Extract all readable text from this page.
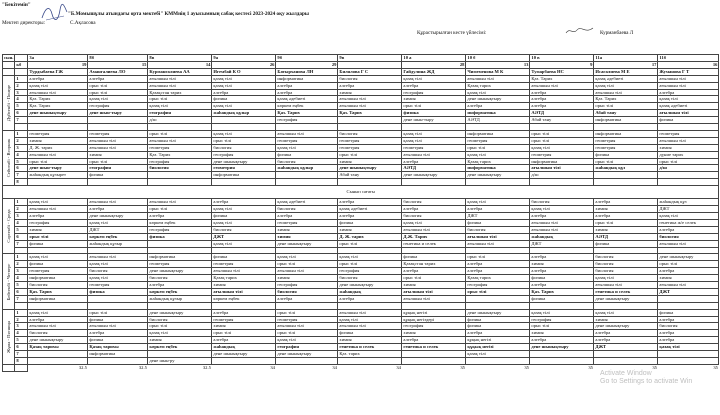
"Бекітемін"
"Б.Момышұлы атындағы орта мектебі" КММнің 1 ауысымның сабақ кестесі 2023-2024 оқу жылдары
Мектеп директоры:	С.Ақласова
Құрастырылған кесте үйлесімі:	Курманбаева Л
сын.		3а	8б	8в	9а	9б	9в	10 а	10 б	10 в	11а	11б
	кб	19	15	14	26	29		28	13	9	17	16
		Турдыбаева ГЖ	Амангалиева ЛО	Курмангалиева АА	Игембай К О	Батырханова ЛН	Билялова Г С	Гайдулина ЖД	Чимеменова М К	Тумарбаева НС	Исагалиева М Е	Жуманова Г Т

Дүйсенбі - Понеде	1	алгебра	алгебра	ағылшын тілі	қазақ тілі	информатика	биология	қазақ тілі	ағылшын тілі	Қаз. Тарих	қазақ әдебиеті	ағылшын тілі
	2	қазақ тілі	орыс тілі	ағылшын тілі	қазақ тілі	алгебра	алгебра	алгебра	Қазақ тарих	ағылшын тілі	қазақ тілі	ағылшын тілі
	3	ағылшын тілі	орыс тілі	Қазақстан тарих	алгебра	алгебра	химия	география	қазақ тілі	алгебра	ағылшын тілі	алгебра
	4	Қаз. Тарих	қазақ тілі	орыс тілі	физика	қазақ әдебиеті	ағылшын тілі	химия	дене шынықтыру	алгебра	Қаз. Тарих	қазақ тілі
	5	Қаз. Тарих	география	қазақ тілі	қазақ тілі	көркем еңбек	ағылшын тілі	орыс тілі	алгебра	алгебра	орыс тілі	қазақ әдебиеті
	6	дене шынықтыру	дене шын-тыру	география	жаһандық құзыр	Қаз. Тарих	Қаз. Тарих	физика	информатика	АӘТД	Абай тану	ағылшын тілі
	7			д/ш		география		дене шын-тыру	АӘТД	Абай тану	информатика	физика

Сейсенбі - Вторник	1	геометрия	геометрия	орыс тілі	қазақ тілі	ағылшын тілі	биология	қазақ тілі	информатика	орыс тілі	информатика	геометрия
	2	химия	ағылшын тілі	ағылшын тілі	орыс тілі	геометрия	геометрия	қазақ тілі	геометрия	орыс тілі	геометрия	ағылшын тілі
	3	Д. Ж. тарих	ағылшын тілі	геометрия	биология	қазақ тілі	геометрия	геометрия	орыс тілі	қазақ тілі	геометрия	химия
	4	ағылшын тілі	химия	Қаз. Тарих	география	физика	орыс тілі	ағылшын тілі	қазақ тілі	геометрия	физика	дүние тарих
	5	орыс тілі	орыс тілі	география	дене шынықтыру	биология	химия	алгебра	Қазақ тарих	информатика	орыс тілі	орыс тілі
	6	дене шын-тыру	география	биология	геометрия	жаһандық құзыр	дене шынықтыру	АӘТД	информатика	ағылшын тілі	жаһандық құз	д/ш
	7	жаһандық құзырет	физика		информатика		Абай тану	дене шынықтыру	дене шынықтыру	д/ш		
	8											
Сынып сағаты												

Сәрсенбі - Среда	1	қазақ тілі	ағылшын тілі	ағылшын тілі	алгебра	қазақ әдебиеті	алгебра	биология	қазақ тілі	биология	алгебра	жаһандық құз
	2	ағылшын тілі	алгебра	орыс тілі	қазақ тілі	биология	қазақ әдебиеті	алгебра	алгебра	қазақ тілі	химия	ДЖТ
	3	алгебра	дене шынықтыру	алгебра	физика	алгебра	алгебра	биология	ДЖТ	алгебра	алгебра	қазақ тілі
	4	география	қазақ тілі	көркем еңбек	қазақ тілі	геометрия	физика	қазақ тілі	физика	ағылшын тілі	орыс тілі	генетика ж/е селек
	5	химия	ДЖТ	география	биология	химия	химия	ағылшын тілі	биология	ағылшын тілі	химия	алгебра
	6	орыс тілі	көркем еңбек	физика	ДЖТ	химия	Д. Ж. тарих	Д.Ж. Тарих	ағылшын тілі	жаһандық	АӘТД	биология
	7	физика	жаһандық құзыр		қазақ тілі	дене шынықтыру	орыс тілі	генетика и селек	ағылшын тілі	ДЖТ	физика	ағылшын тілі

Бейсенбі - Четверг	1	қазақ тілі	ағылшын тілі	информатика	физика	қазақ тілі	қазақ тілі	физика	орыс тілі	алгебра	биология	дене шынықтыру
	2	физика	қазақ тілі	геометрия	геометрия	орыс тілі	орыс тілі	Қазақстан тарих	алгебра	химия	биология	орыс тілі
	3	геометрия	биология	дене шынықтыру	ағылшын тілі	ағылшын тілі	география	алгебра	алгебра	алгебра	биология	алгебра
	4	информатика	қазақ тілі	биология	Қазақ тарих	химия	биология	орыс тілі	Қазақ тарих	физика	қазақ тілі	химия
	5	биология	геометрия	алгебра	химия	география	дене шынықтыру	химия	география	алгебра	ағылшын тілі	ағылшын тілі
	6	Қаз. Тарих	физика	көркем еңбек	ағылшын тілі	биология	жаһандық	ағылшын тілі	орыс тілі	Қаз. Тарих	генетика и селек	ДЖТ
	7	информатика		жаһандық құзыр	көркем еңбек	алгебра	алгебра	ағылшын тілі		физика	дене шынықтыру	

Жұма - Пятница	1	қазақ тілі	орыс тілі	дене шынықтыру	алгебра	орыс тілі	ағылшын тілі	құқық негізі	дене шынықтыру	қазақ тілі	қазақ тілі	физика
	2	алгебра	физика	биология	геометрия	геометрия	қазақ тілі	құқық негіздері	физика	география	химия	алгебра
	3	ағылшын тілі	ағылшын тілі	орыс тілі	химия	ағылшын тілі	ағылшын тілі	география	физика	орыс тілі	дене шынықтыру	биология
	4	биология	алгебра	қазақ тілі	орыс тілі	орыс тілі	физика	химия	алгебра	химия	алгебра	алгебра
	5	дене шынықтыру	физика	химия	алгебра	қазақ тілі	химия	алгебра	құқық негізі	алгебра	алгебра	алгебра
	6	Қазақ тарихы	Қазақ тарихы	көркем еңбек	жаһандық	география	генетика и селек	генетика и селек	құқық негізі	дене шынықтыру	ДЖТ	қазақ тілі
	7		информатика		дене шынықтыру	дене шынықтыру	Қаз. тарих		қазақ тілі			
	8			дене шын-ру								
		32.5	32.5	32.5	34	34	34	35	35	35	35	35
Activate Window
Go to Settings to activate Win
